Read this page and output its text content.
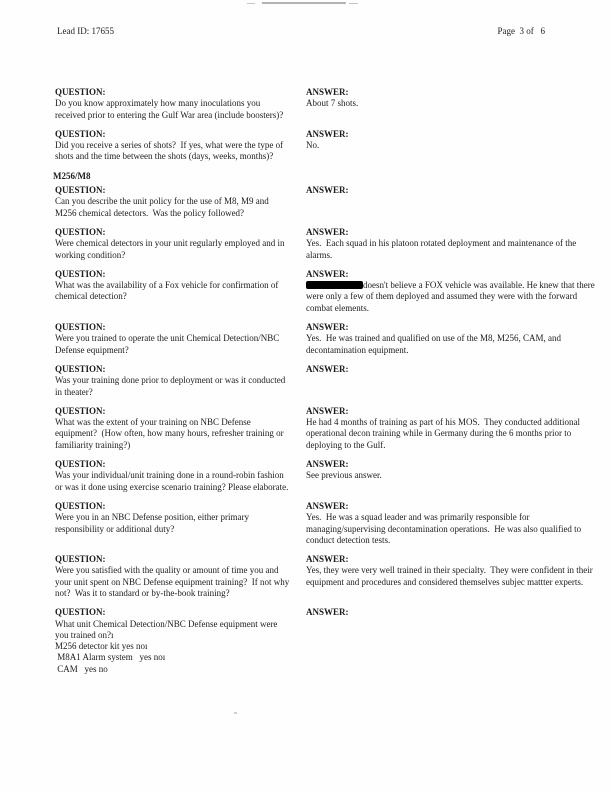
Lead ID: 17655	Page  3 of   6
QUESTION:
Do you know approximately how many inoculations you received prior to entering the Gulf War area (include boosters)?
ANSWER:
About 7 shots.
QUESTION:
Did you receive a series of shots?  If yes, what were the type of shots and the time between the shots (days, weeks, months)?
ANSWER:
No.
M256/M8
QUESTION:
Can you describe the unit policy for the use of M8, M9 and M256 chemical detectors.  Was the policy followed?
ANSWER:
QUESTION:
Were chemical detectors in your unit regularly employed and in working condition?
ANSWER:
Yes.  Each squad in his platoon rotated deployment and maintenance of the alarms.
QUESTION:
What was the availability of a Fox vehicle for confirmation of chemical detection?
ANSWER:
doesn't believe a FOX vehicle was available. He knew that there were only a few of them deployed and assumed they were with the forward combat elements.
QUESTION:
Were you trained to operate the unit Chemical Detection/NBC Defense equipment?
ANSWER:
Yes.  He was trained and qualified on use of the M8, M256, CAM, and decontamination equipment.
QUESTION:
Was your training done prior to deployment or was it conducted in theater?
ANSWER:
QUESTION:
What was the extent of your training on NBC Defense equipment?  (How often, how many hours, refresher training or familiarity training?)
ANSWER:
He had 4 months of training as part of his MOS.  They conducted additional operational decon training while in Germany during the 6 months prior to deploying to the Gulf.
QUESTION:
Was your individual/unit training done in a round-robin fashion or was it done using exercise scenario training? Please elaborate.
ANSWER:
See previous answer.
QUESTION:
Were you in an NBC Defense position, either primary responsibility or additional duty?
ANSWER:
Yes.  He was a squad leader and was primarily responsible for managing/supervising decontamination operations.  He was also qualified to conduct detection tests.
QUESTION:
Were you satisfied with the quality or amount of time you and your unit spent on NBC Defense equipment training?  If not why not?  Was it to standard or by-the-book training?
ANSWER:
Yes, they were very well trained in their specialty.  They were confident in their equipment and procedures and considered themselves subjec mattter experts.
QUESTION:
What unit Chemical Detection/NBC Defense equipment were you trained on?ı
M256 detector kit yes noı
M8A1 Alarm system   yes noı
CAM   yes no
ANSWER:
